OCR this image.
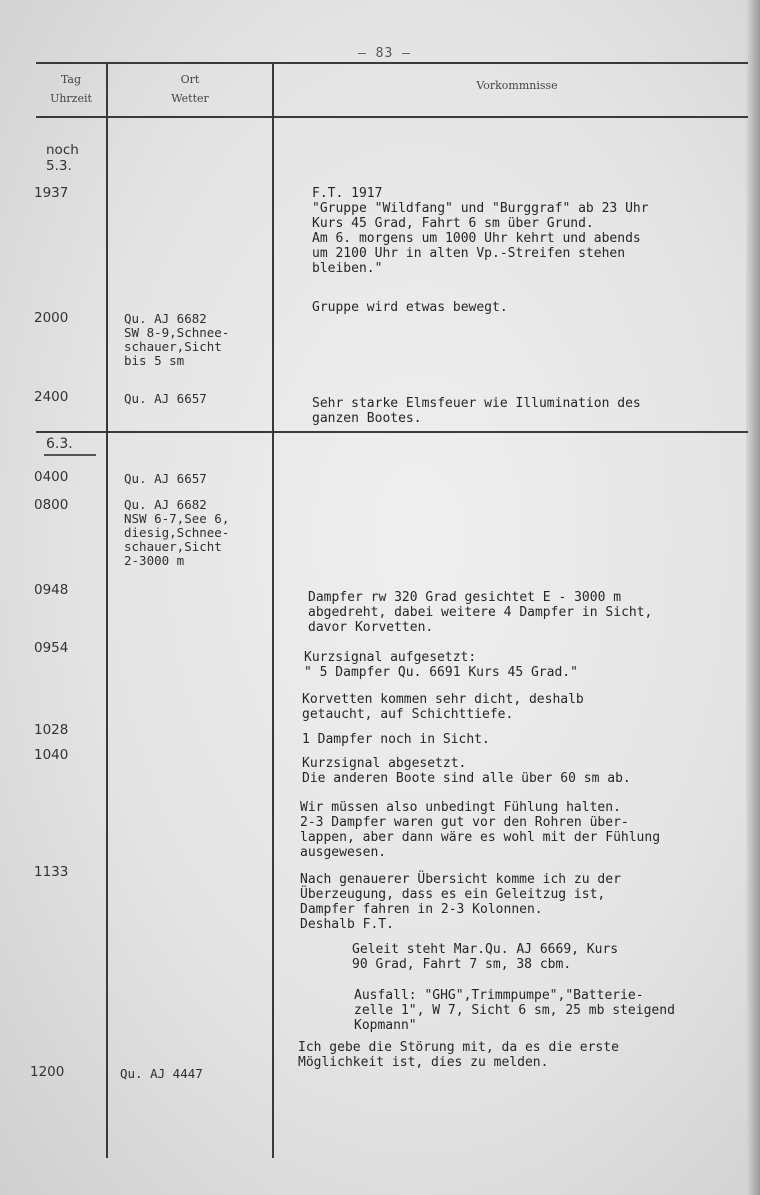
— 83 —
Tag
Uhrzeit
Ort
Wetter
Vorkommnisse
noch
5.3.
1937
2000
2400
6.3.
0400
0800
0948
0954
1028
1040
1133
1200
Qu. AJ 6682
SW 8-9,Schnee-
schauer,Sicht
bis 5 sm
Qu. AJ 6657
Qu. AJ 6657
Qu. AJ 6682
NSW 6-7,See 6,
diesig,Schnee-
schauer,Sicht
2-3000 m
Qu. AJ 4447
F.T. 1917
"Gruppe "Wildfang" und "Burggraf" ab 23 Uhr
Kurs 45 Grad, Fahrt 6 sm über Grund.
Am 6. morgens um 1000 Uhr kehrt und abends
um 2100 Uhr in alten Vp.-Streifen stehen
bleiben."
Gruppe wird etwas bewegt.
Sehr starke Elmsfeuer wie Illumination des
ganzen Bootes.
Dampfer rw 320 Grad gesichtet E - 3000 m
abgedreht, dabei weitere 4 Dampfer in Sicht,
davor Korvetten.
Kurzsignal aufgesetzt:
" 5 Dampfer Qu. 6691 Kurs 45 Grad."
Korvetten kommen sehr dicht, deshalb
getaucht, auf Schichttiefe.
1 Dampfer noch in Sicht.
Kurzsignal abgesetzt.
Die anderen Boote sind alle über 60 sm ab.
Wir müssen also unbedingt Fühlung halten.
2-3 Dampfer waren gut vor den Rohren über-
lappen, aber dann wäre es wohl mit der Fühlung
ausgewesen.
Nach genauerer Übersicht komme ich zu der
Überzeugung, dass es ein Geleitzug ist,
Dampfer fahren in 2-3 Kolonnen.
Deshalb F.T.
Geleit steht Mar.Qu. AJ 6669, Kurs
90 Grad, Fahrt 7 sm, 38 cbm.
Ausfall: "GHG",Trimmpumpe","Batterie-
zelle 1", W 7, Sicht 6 sm, 25 mb steigend
Kopmann"
Ich gebe die Störung mit, da es die erste
Möglichkeit ist, dies zu melden.
